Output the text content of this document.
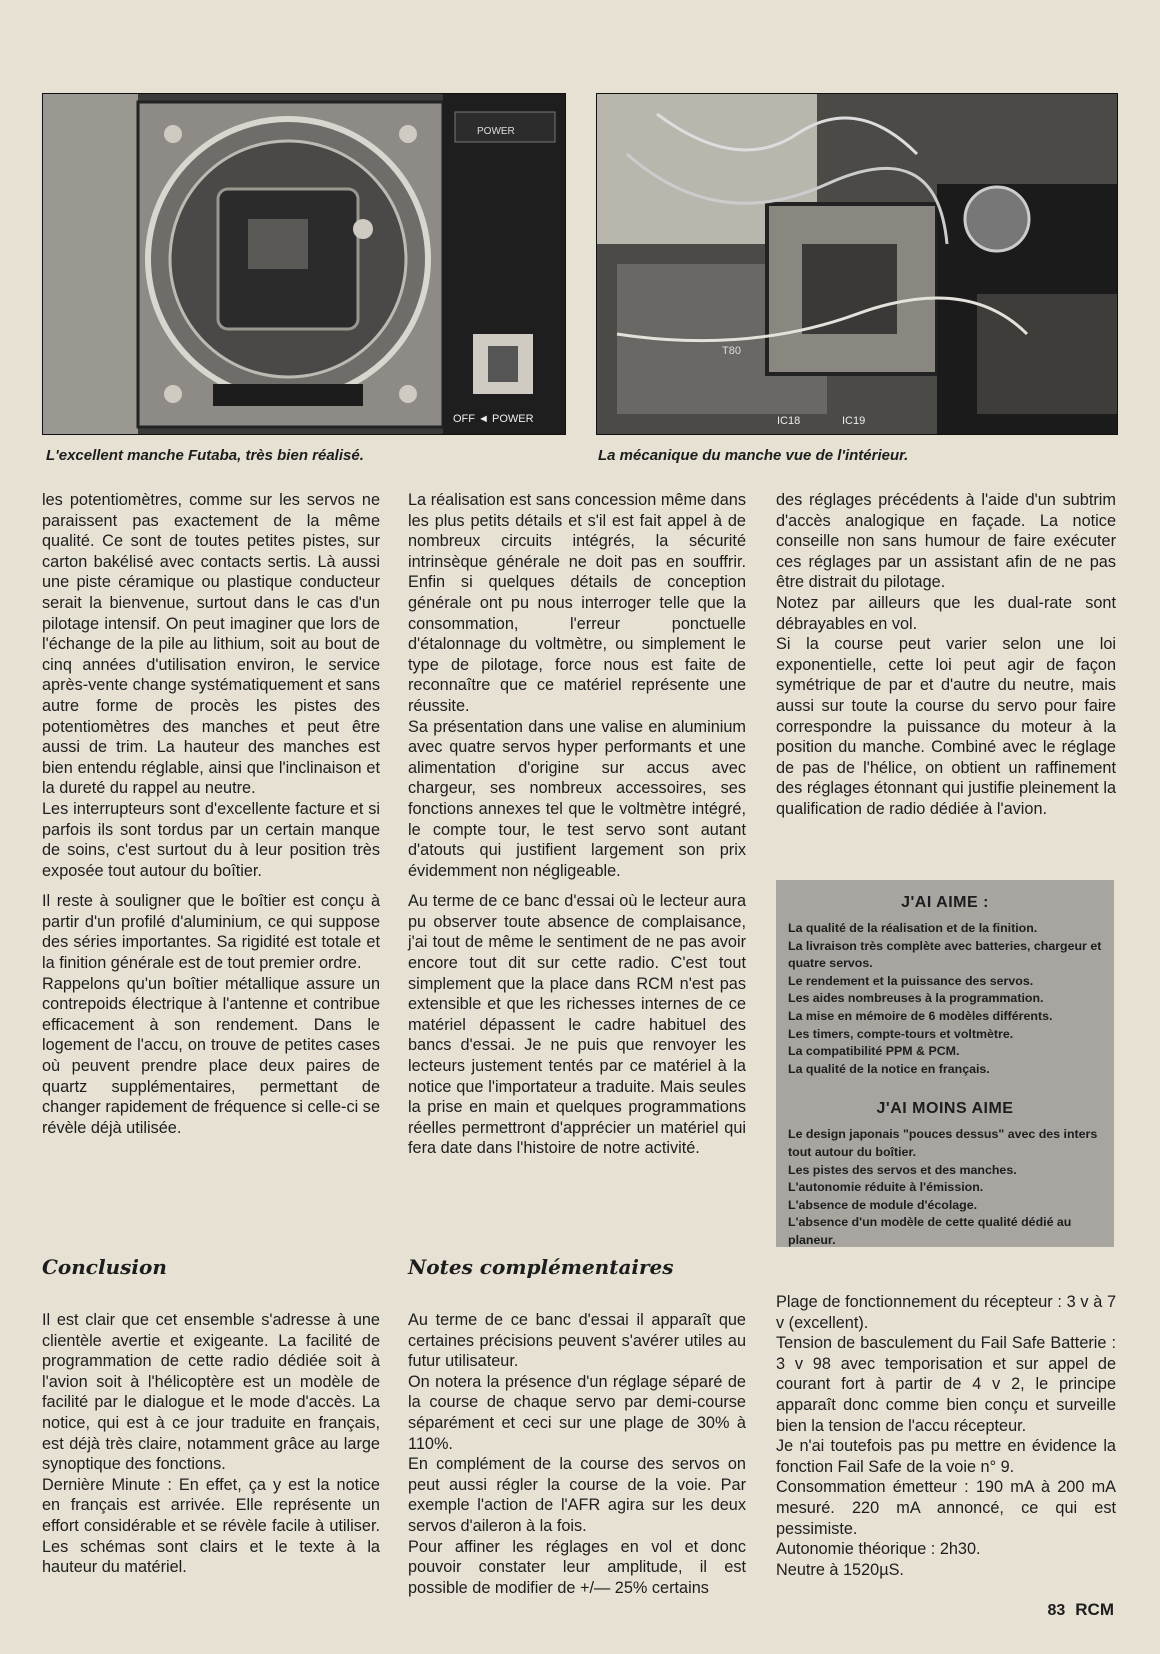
POWER
OFF ◄ POWER	IC18	IC19
T80
L'excellent manche Futaba, très bien réalisé.	La mécanique du manche vue de l'intérieur.

les potentiomètres, comme sur les servos ne paraissent pas exactement de la même qualité. Ce sont de toutes petites pistes, sur carton bakélisé avec contacts sertis. Là aussi une piste céramique ou plastique conducteur serait la bienvenue, surtout dans le cas d'un pilotage intensif. On peut imaginer que lors de l'échange de la pile au lithium, soit au bout de cinq années d'utilisation environ, le service après-vente change systématiquement et sans autre forme de procès les pistes des potentiomètres des manches et peut être aussi de trim. La hauteur des manches est bien entendu réglable, ainsi que l'inclinaison et la dureté du rappel au neutre.

Les interrupteurs sont d'excellente facture et si parfois ils sont tordus par un certain manque de soins, c'est surtout du à leur position très exposée tout autour du boîtier.

Il reste à souligner que le boîtier est conçu à partir d'un profilé d'aluminium, ce qui suppose des séries importantes. Sa rigidité est totale et la finition générale est de tout premier ordre.

Rappelons qu'un boîtier métallique assure un contrepoids électrique à l'antenne et contribue efficacement à son rendement. Dans le logement de l'accu, on trouve de petites cases où peuvent prendre place deux paires de quartz supplémentaires, permettant de changer rapidement de fréquence si celle-ci se révèle déjà utilisée.

La réalisation est sans concession même dans les plus petits détails et s'il est fait appel à de nombreux circuits intégrés, la sécurité intrinsèque générale ne doit pas en souffrir. Enfin si quelques détails de conception générale ont pu nous interroger telle que la consommation, l'erreur ponctuelle d'étalonnage du voltmètre, ou simplement le type de pilotage, force nous est faite de reconnaître que ce matériel représente une réussite.

Sa présentation dans une valise en aluminium avec quatre servos hyper performants et une alimentation d'origine sur accus avec chargeur, ses nombreux accessoires, ses fonctions annexes tel que le voltmètre intégré, le compte tour, le test servo sont autant d'atouts qui justifient largement son prix évidemment non négligeable.

Au terme de ce banc d'essai où le lecteur aura pu observer toute absence de complaisance, j'ai tout de même le sentiment de ne pas avoir encore tout dit sur cette radio. C'est tout simplement que la place dans RCM n'est pas extensible et que les richesses internes de ce matériel dépassent le cadre habituel des bancs d'essai. Je ne puis que renvoyer les lecteurs justement tentés par ce matériel à la notice que l'importateur a traduite. Mais seules la prise en main et quelques programmations réelles permettront d'apprécier un matériel qui fera date dans l'histoire de notre activité.

des réglages précédents à l'aide d'un subtrim d'accès analogique en façade. La notice conseille non sans humour de faire exécuter ces réglages par un assistant afin de ne pas être distrait du pilotage.

Notez par ailleurs que les dual-rate sont débrayables en vol.

Si la course peut varier selon une loi exponentielle, cette loi peut agir de façon symétrique de par et d'autre du neutre, mais aussi sur toute la course du servo pour faire correspondre la puissance du moteur à la position du manche. Combiné avec le réglage de pas de l'hélice, on obtient un raffinement des réglages étonnant qui justifie pleinement la qualification de radio dédiée à l'avion.

J'AI AIME :
La qualité de la réalisation et de la finition.
La livraison très complète avec batteries, chargeur et quatre servos.
Le rendement et la puissance des servos.
Les aides nombreuses à la programmation.
La mise en mémoire de 6 modèles différents.
Les timers, compte-tours et voltmètre.
La compatibilité PPM & PCM.
La qualité de la notice en français.
J'AI MOINS AIME
Le design japonais "pouces dessus" avec des inters tout autour du boîtier.
Les pistes des servos et des manches.
L'autonomie réduite à l'émission.
L'absence de module d'écolage.
L'absence d'un modèle de cette qualité dédié au planeur.
Conclusion	Notes complémentaires

Il est clair que cet ensemble s'adresse à une clientèle avertie et exigeante. La facilité de programmation de cette radio dédiée soit à l'avion soit à l'hélicoptère est un modèle de facilité par le dialogue et le mode d'accès. La notice, qui est à ce jour traduite en français, est déjà très claire, notamment grâce au large synoptique des fonctions.

Dernière Minute : En effet, ça y est la notice en français est arrivée. Elle représente un effort considérable et se révèle facile à utiliser. Les schémas sont clairs et le texte à la hauteur du matériel.

Au terme de ce banc d'essai il apparaît que certaines précisions peuvent s'avérer utiles au futur utilisateur.

On notera la présence d'un réglage séparé de la course de chaque servo par demi-course séparément et ceci sur une plage de 30% à 110%.

En complément de la course des servos on peut aussi régler la course de la voie. Par exemple l'action de l'AFR agira sur les deux servos d'aileron à la fois.

Pour affiner les réglages en vol et donc pouvoir constater leur amplitude, il est possible de modifier de +/— 25% certains

Plage de fonctionnement du récepteur : 3 v à 7 v (excellent).

Tension de basculement du Fail Safe Batterie : 3 v 98 avec temporisation et sur appel de courant fort à partir de 4 v 2, le principe apparaît donc comme bien conçu et surveille bien la tension de l'accu récepteur.

Je n'ai toutefois pas pu mettre en évidence la fonction Fail Safe de la voie n° 9.

Consommation émetteur : 190 mA à 200 mA mesuré. 220 mA annoncé, ce qui est pessimiste.

Autonomie théorique : 2h30.

Neutre à 1520µS.

83 RCM
